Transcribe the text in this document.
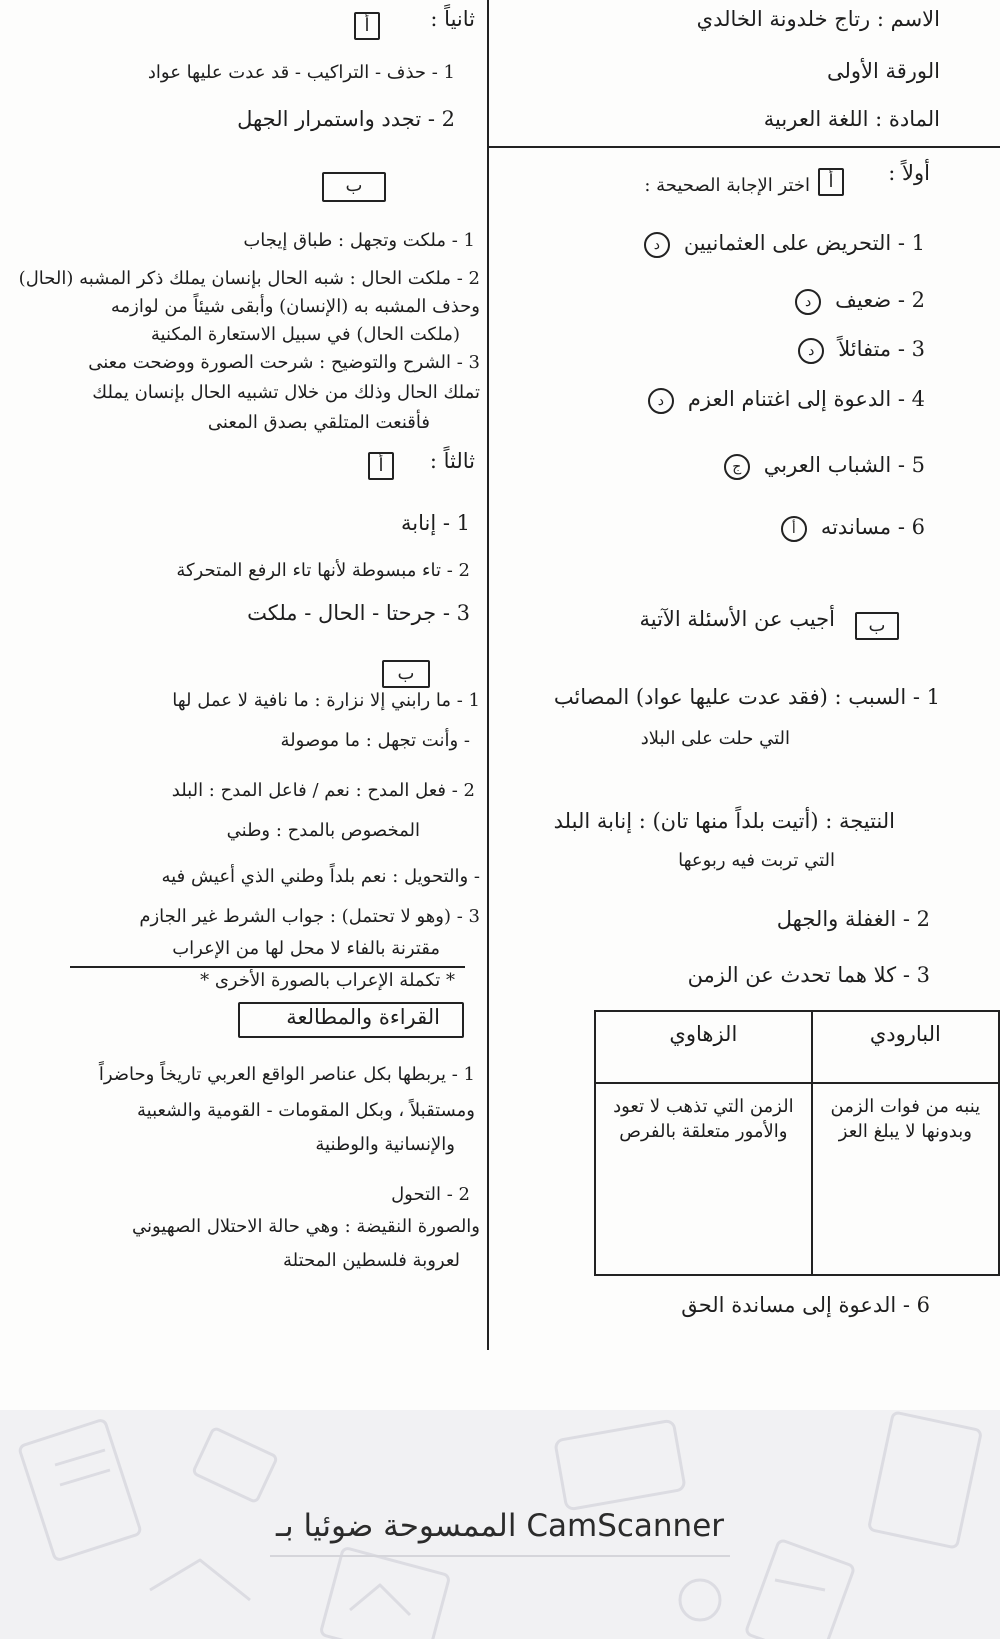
الاسم : رتاج خلدونة الخالدي
الورقة الأولى
المادة : اللغة العربية
أولاً :
أ
اختر الإجابة الصحيحة :
1 - التحريض على العثمانييند
2 - ضعيفد
3 - متفائلاًد
4 - الدعوة إلى اغتنام العزمد
5 - الشباب العربيج
6 - مساندتهأ
ب
أجيب عن الأسئلة الآتية
1 - السبب : (فقد عدت عليها عواد) المصائب
التي حلت على البلاد
النتيجة : (أتيت بلداً منها تان) : إنابة البلد
التي تربت فيه ربوعها
2 - الغفلة والجهل
3 - كلا هما تحدث عن الزمن
البارودي	الزهاوي
ينبه من فوات الزمن وبدونها لا يبلغ العز	الزمن التي تذهب لا تعود والأمور متعلقة بالفرص
6 - الدعوة إلى مساندة الحق
ثانياً :
أ
1 - حذف - التراكيب - قد عدت عليها عواد
2 - تجدد واستمرار الجهل
ب
1 - ملكت وتجهل : طباق إيجاب
2 - ملكت الحال : شبه الحال بإنسان يملك ذكر المشبه (الحال)
وحذف المشبه به (الإنسان) وأبقى شيئاً من لوازمه
(ملكت الحال) في سبيل الاستعارة المكنية
3 - الشرح والتوضيح : شرحت الصورة ووضحت معنى
تملك الحال وذلك من خلال تشبيه الحال بإنسان يملك
فأقنعت المتلقي بصدق المعنى
ثالثاً :
أ
1 - إنابة
2 - تاء مبسوطة لأنها تاء الرفع المتحركة
3 - جرحتا - الحال - ملكت
ب
1 - ما رابني إلا نزارة : ما نافية لا عمل لها
- وأنت تجهل : ما موصولة
2 - فعل المدح : نعم / فاعل المدح : البلد
المخصوص بالمدح : وطني
- والتحويل : نعم بلداً وطني الذي أعيش فيه
3 - (وهو لا تحتمل) : جواب الشرط غير الجازم
مقترنة بالفاء لا محل لها من الإعراب
* تكملة الإعراب بالصورة الأخرى *
القراءة والمطالعة
1 - يربطها بكل عناصر الواقع العربي تاريخاً وحاضراً
ومستقبلاً ، وبكل المقومات - القومية والشعبية
والإنسانية والوطنية
2 - التحول
والصورة النقيضة : وهي حالة الاحتلال الصهيوني
لعروبة فلسطين المحتلة
الممسوحة ضوئيا بـ CamScanner
